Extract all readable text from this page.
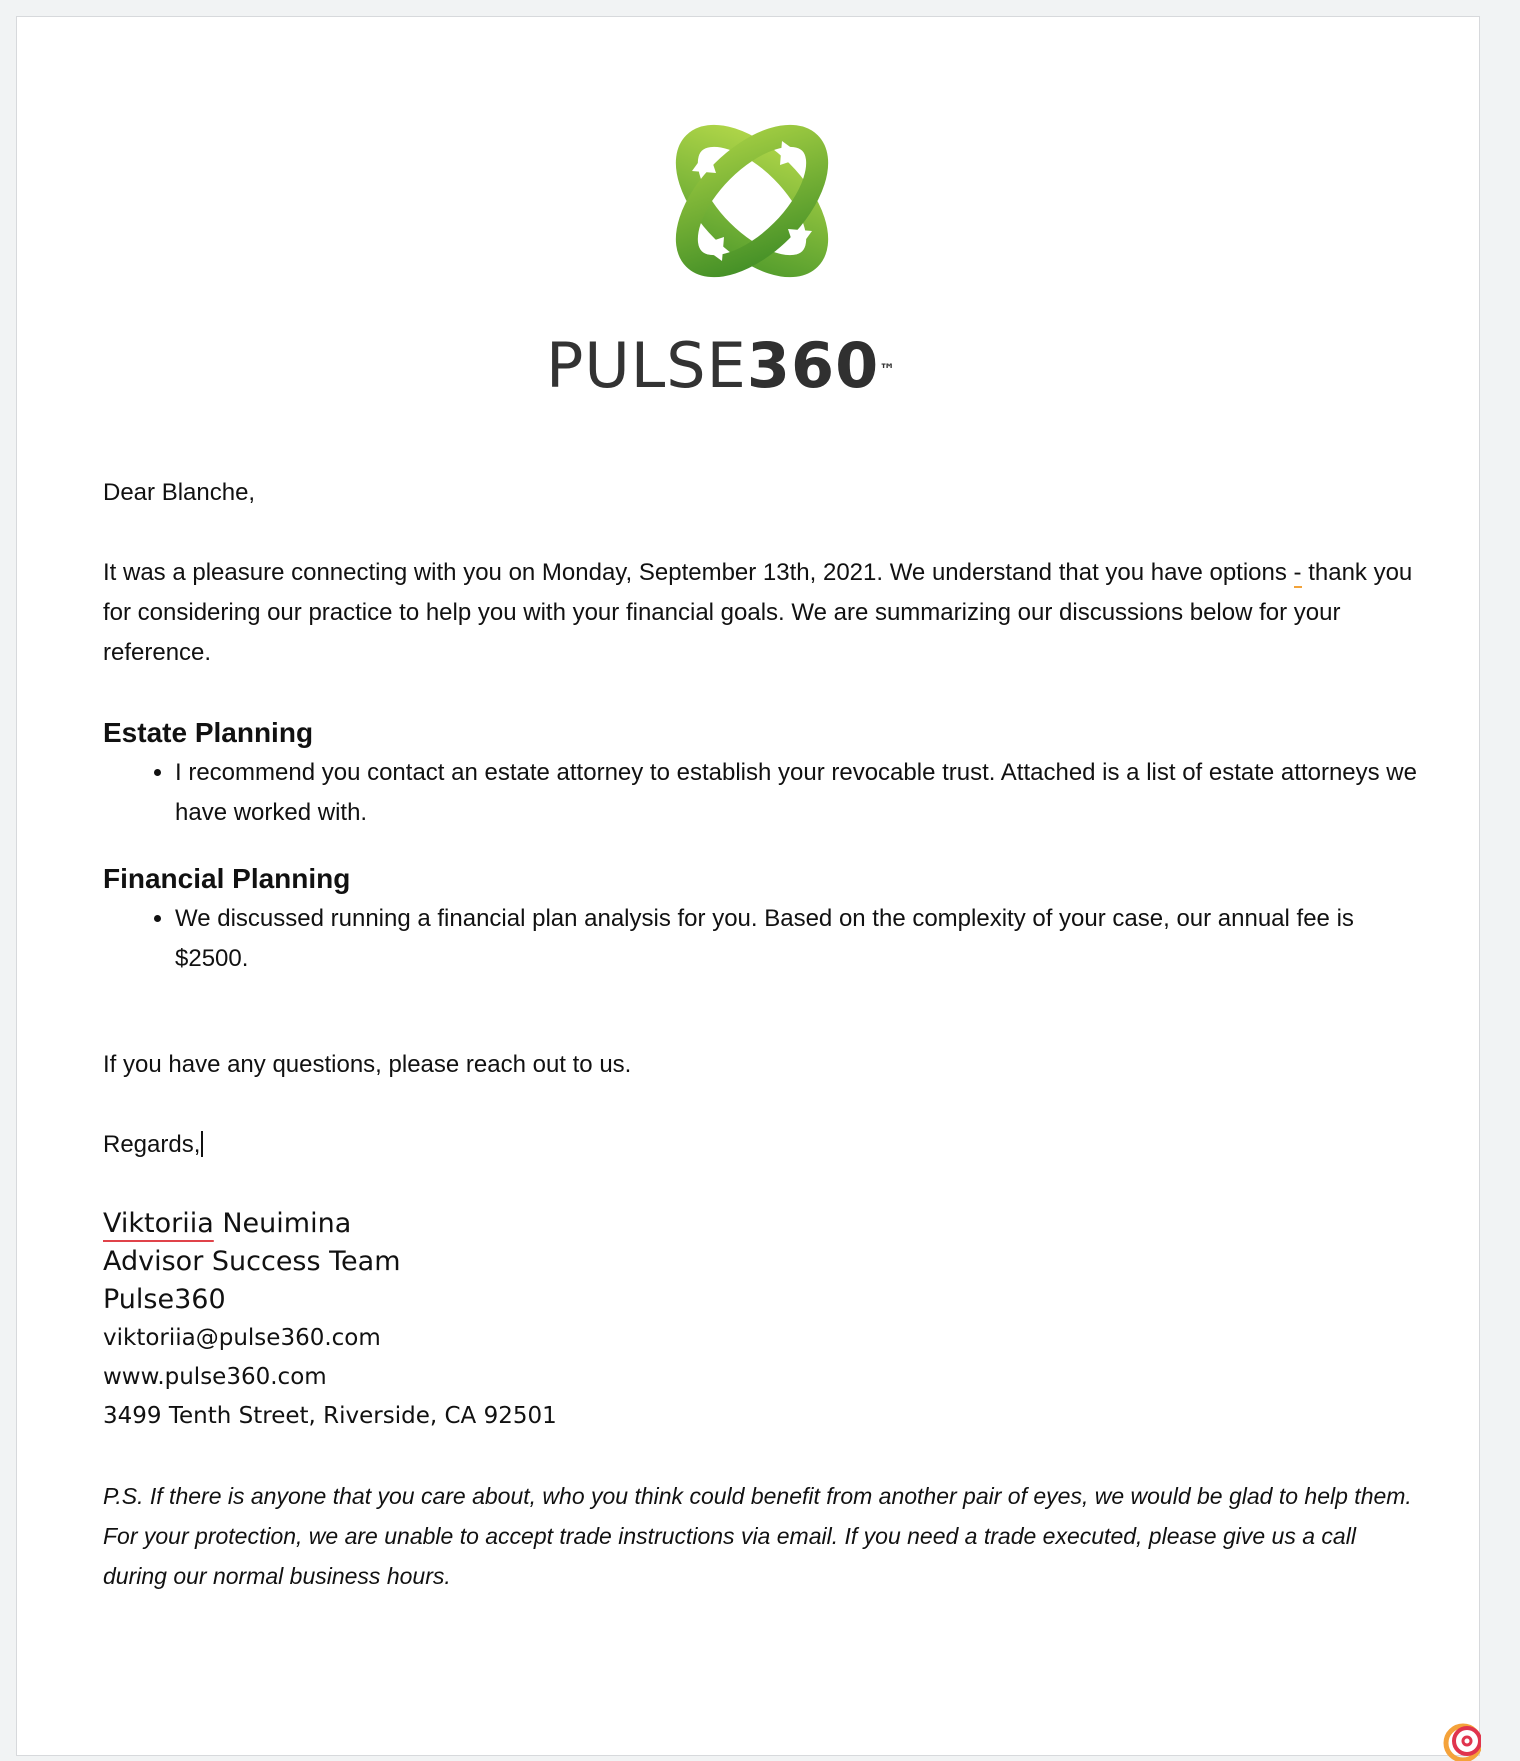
PULSE360™

Dear Blanche,

It was a pleasure connecting with you on Monday, September 13th, 2021. We understand that you have options - thank you for considering our practice to help you with your financial goals. We are summarizing our discussions below for your reference.

Estate Planning
• I recommend you contact an estate attorney to establish your revocable trust. Attached is a list of estate attorneys we have worked with.
Financial Planning
• We discussed running a financial plan analysis for you. Based on the complexity of your case, our annual fee is $2500.

If you have any questions, please reach out to us.

Regards,

Viktoriia Neuimina
Advisor Success Team
Pulse360
viktoriia@pulse360.com
www.pulse360.com
3499 Tenth Street, Riverside, CA 92501

P.S. If there is anyone that you care about, who you think could benefit from another pair of eyes, we would be glad to help them.

For your protection, we are unable to accept trade instructions via email. If you need a trade executed, please give us a call during our normal business hours.
